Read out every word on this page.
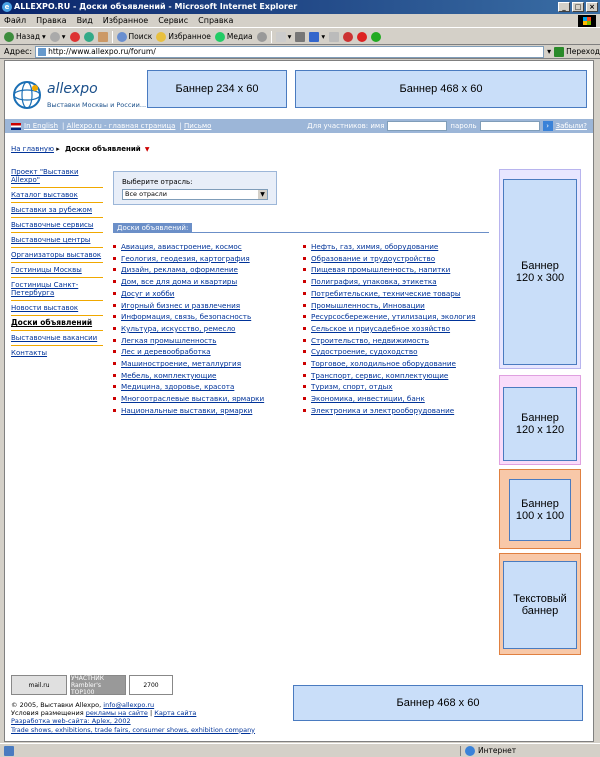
e ALLEXPO.RU - Доски объявлений - Microsoft Internet Explorer	_	□	×
Файл Правка Вид Избранное Сервис Справка
Назад ▾	▾	Поиск Избранное Медиа	▾	▾
Адрес:	http://www.allexpo.ru/forum/	▾ Переход
allexpo
Выставки Москвы и России...
Баннер 234 x 60	Баннер 468 x 60
In English |
Allexpo.ru - главная страница |
Письмо	Для участников: имя	пароль	› Забыли?
На главную ▸ Доски объявлений ▼
Проект "Выставки Allexpo"
Каталог выставок
Выставки за рубежом
Выставочные сервисы
Выставочные центры
Организаторы выставок
Гостиницы Москвы
Гостиницы Санкт-Петербурга
Новости выставок
Доски объявлений
Выставочные вакансии
Контакты
Выберите отрасль:
Все отрасли	▼
Доски объявлений:
Авиация, авиастроение, космос
Геология, геодезия, картография
Дизайн, реклама, оформление
Дом, все для дома и квартиры
Досуг и хобби
Игорный бизнес и развлечения
Информация, связь, безопасность
Культура, искусство, ремесло
Легкая промышленность
Лес и деревообработка
Машиностроение, металлургия
Мебель, комплектующие
Медицина, здоровье, красота
Многоотраслевые выставки, ярмарки
Национальные выставки, ярмарки
Нефть, газ, химия, оборудование
Образование и трудоустройство
Пищевая промышленность, напитки
Полиграфия, упаковка, этикетка
Потребительские, технические товары
Промышленность, Инновации
Ресурсосбережение, утилизация, экология
Сельское и приусадебное хозяйство
Строительство, недвижимость
Судостроение, судоходство
Торговое, холодильное оборудование
Транспорт, сервис, комплектующие
Туризм, спорт, отдых
Экономика, инвестиции, банк
Электроника и электрооборудование
Баннер
120 x 300
Баннер
120 x 120
Баннер
100 x 100
Текстовый
баннер
mail.ru
УЧАСТНИК Rambler's TOP100
2700
Баннер 468 x 60
© 2005, Выставки Allexpo, info@allexpo.ru
Условия размещения рекламы на сайте | Карта сайта
Разработка web-сайта: Aplex, 2002
Trade shows, exhibitions, trade fairs, consumer shows, exhibition company
Интернет
